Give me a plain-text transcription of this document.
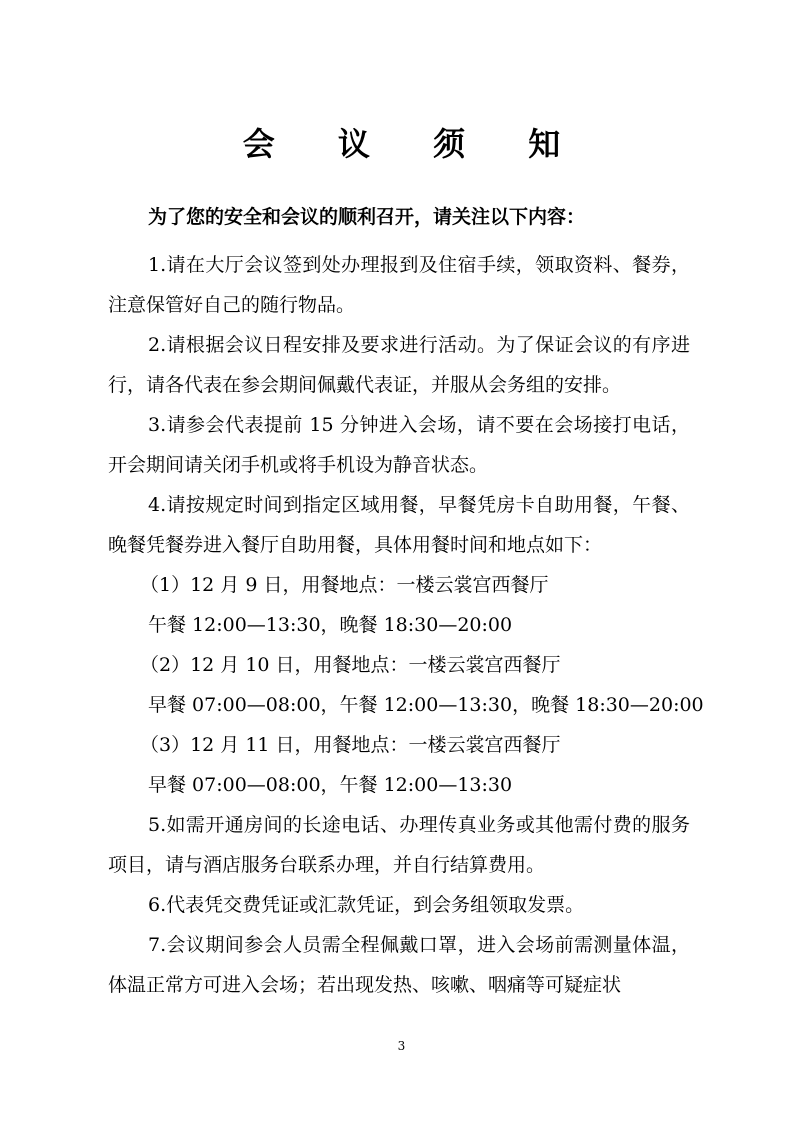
会 议 须 知
为了您的安全和会议的顺利召开，请关注以下内容：

1.请在大厅会议签到处办理报到及住宿手续，领取资料、餐券，注意保管好自己的随行物品。

2.请根据会议日程安排及要求进行活动。为了保证会议的有序进行，请各代表在参会期间佩戴代表证，并服从会务组的安排。

3.请参会代表提前 15 分钟进入会场，请不要在会场接打电话，开会期间请关闭手机或将手机设为静音状态。

4.请按规定时间到指定区域用餐，早餐凭房卡自助用餐，午餐、晚餐凭餐券进入餐厅自助用餐，具体用餐时间和地点如下：

（1）12 月 9 日，用餐地点：一楼云裳宫西餐厅

午餐 12:00—13:30，晚餐 18:30—20:00

（2）12 月 10 日，用餐地点：一楼云裳宫西餐厅

早餐 07:00—08:00，午餐 12:00—13:30，晚餐 18:30—20:00

（3）12 月 11 日，用餐地点：一楼云裳宫西餐厅

早餐 07:00—08:00，午餐 12:00—13:30

5.如需开通房间的长途电话、办理传真业务或其他需付费的服务项目，请与酒店服务台联系办理，并自行结算费用。

6.代表凭交费凭证或汇款凭证，到会务组领取发票。

7.会议期间参会人员需全程佩戴口罩，进入会场前需测量体温，体温正常方可进入会场；若出现发热、咳嗽、咽痛等可疑症状

3
